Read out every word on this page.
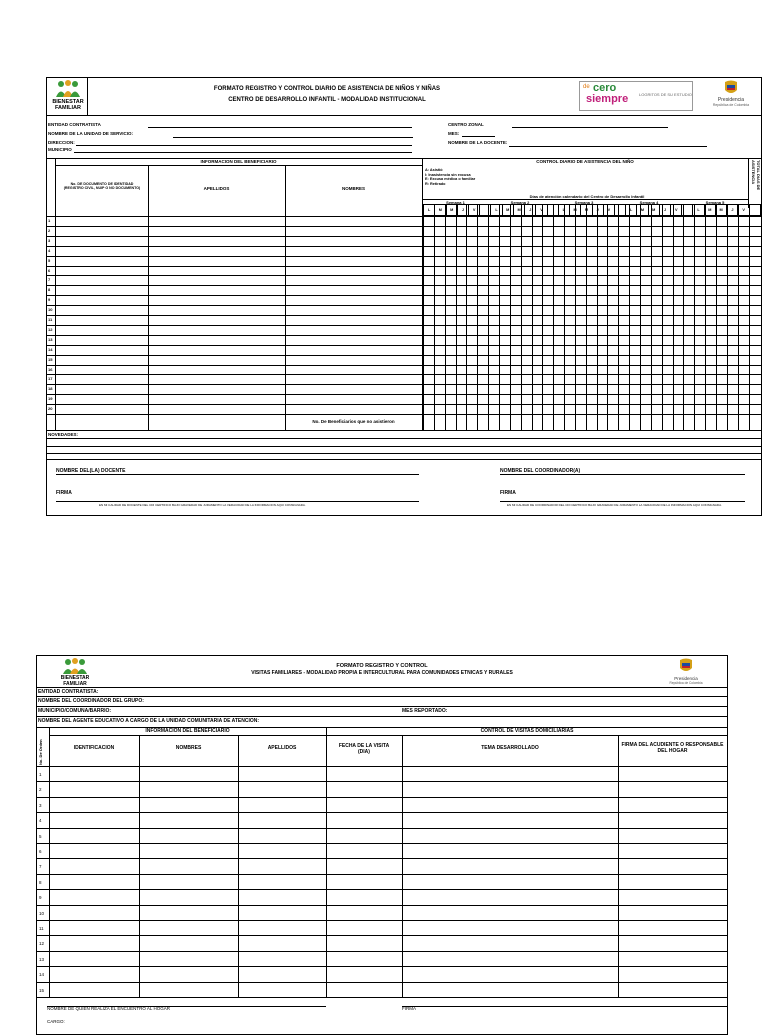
BIENESTAR
FAMILIAR
FORMATO REGISTRO Y CONTROL DIARIO DE ASISTENCIA DE NIÑOS Y NIÑAS
CENTRO DE DESARROLLO INFANTIL - MODALIDAD INSTITUCIONAL
de cero
siempre	LOGRITOS DE SU ESTUDIO
Presidencia
República de Colombia
ENTIDAD CONTRATISTA	CENTRO ZONAL
NOMBRE DE LA UNIDAD DE SERVICIO:	MES:
DIRECCION:	NOMBRE DE LA DOCENTE:
MUNICIPIO
INFORMACION DEL BENEFICIARIO	CONTROL DIARIO DE ASISTENCIA DEL NIÑO
A: Asistió
I: Inasistencia sin excusa
E: Excusa médica o familiar
R: Retirado
Días de atención calendario del Centro de Desarrollo Infantil
TOTAL DIAS DE ASISTENCIA
Semana 1	Semana 2	Semana 3	Semana 4	Semana 5
No. DE DOCUMENTO DE IDENTIDAD
(REGISTRO CIVIL, NUIP O NO DOCUMENTO)	APELLIDOS	NOMBRES
L	M	M	J	V		L	M	M	J	V		L	M	M	J	V		L	M	M	J	V		L	M	M	J	V	
1
2
3
4
5
6
7
8
9
10
11
12
13
14
15
16
17
18
19
20
No. De Beneficiarios que no asistieron
NOVEDADES:
NOMBRE DEL(LA) DOCENTE	NOMBRE DEL COORDINADOR(A)
FIRMA	FIRMA
EN MI CALIDAD DE DOCENTE DEL CDI CERTIFICO BAJO GRAVEDAD DE JURAMENTO LA VERACIDAD DE LA INFORMACION AQUI CONSIGNADA.	EN MI CALIDAD DE COORDINADOR DEL CDI CERTIFICO BAJO GRAVEDAD DE JURAMENTO LA VERACIDAD DE LA INFORMACION AQUI CONSIGNADA.
BIENESTAR
FAMILIAR
FORMATO REGISTRO Y CONTROL
VISITAS FAMILIARES - MODALIDAD PROPIA E INTERCULTURAL PARA COMUNIDADES ETNICAS Y RURALES
Presidencia
República de Colombia
ENTIDAD CONTRATISTA:
NOMBRE DEL COORDINADOR DEL GRUPO:
MUNICIPIO/COMUNA/BARRIO:	MES REPORTADO:
NOMBRE DEL AGENTE EDUCATIVO A CARGO DE LA UNIDAD COMUNITARIA DE ATENCION:
INFORMACION DEL BENEFICIARIO	CONTROL DE VISITAS DOMICILIARIAS
No. De Orden	IDENTIFICACION	NOMBRES	APELLIDOS	FECHA DE LA VISITA
(DIA)
TEMA DESARROLLADO	FIRMA DEL ACUDIENTE O RESPONSABLE
DEL HOGAR
1
2
3
4
5
6
7
8
9
10
11
12
13
14
15
NOMBRE DE QUIEN REALIZA EL ENCUENTRO AL HOGAR	FIRMA
CARGO:
